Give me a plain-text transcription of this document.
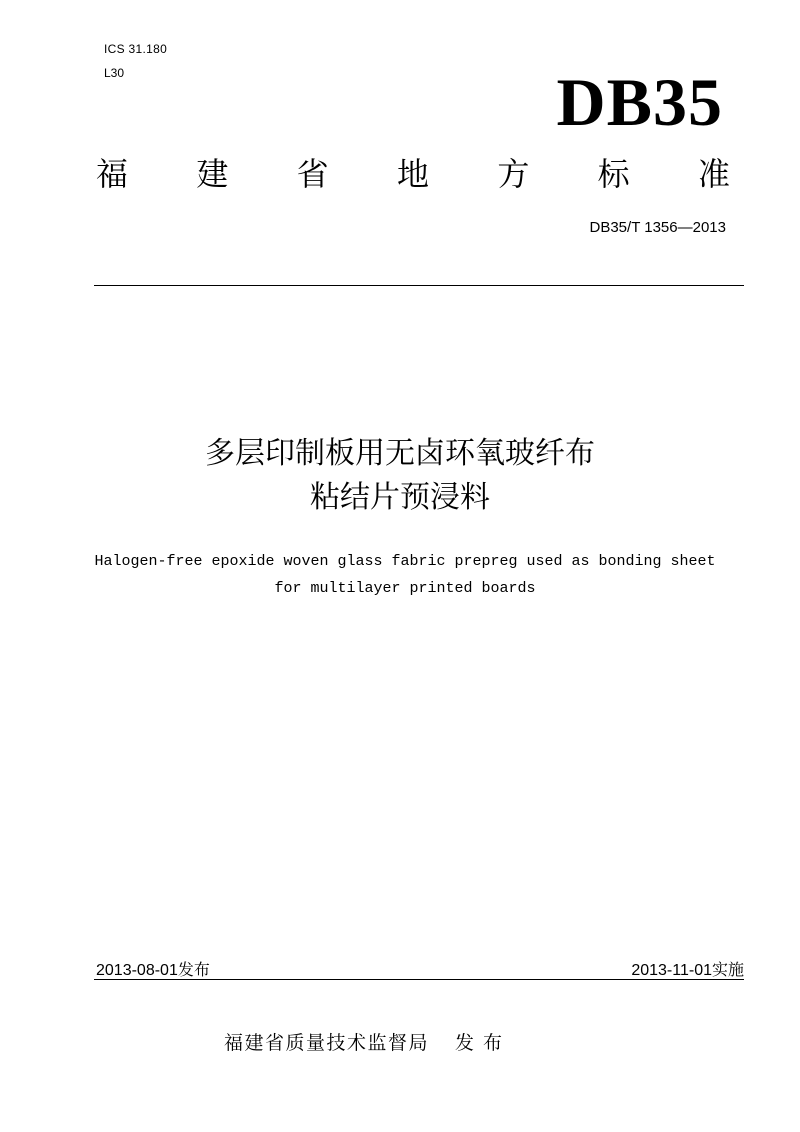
ICS 31.180
L30	DB35
福 建 省 地 方 标 准
DB35/T 1356—2013
多层印制板用无卤环氧玻纤布
粘结片预浸料
Halogen-free epoxide woven glass fabric prepreg used as bonding sheet
for multilayer printed boards
2013-08-01发布	2013-11-01实施
福建省质量技术监督局 发 布
